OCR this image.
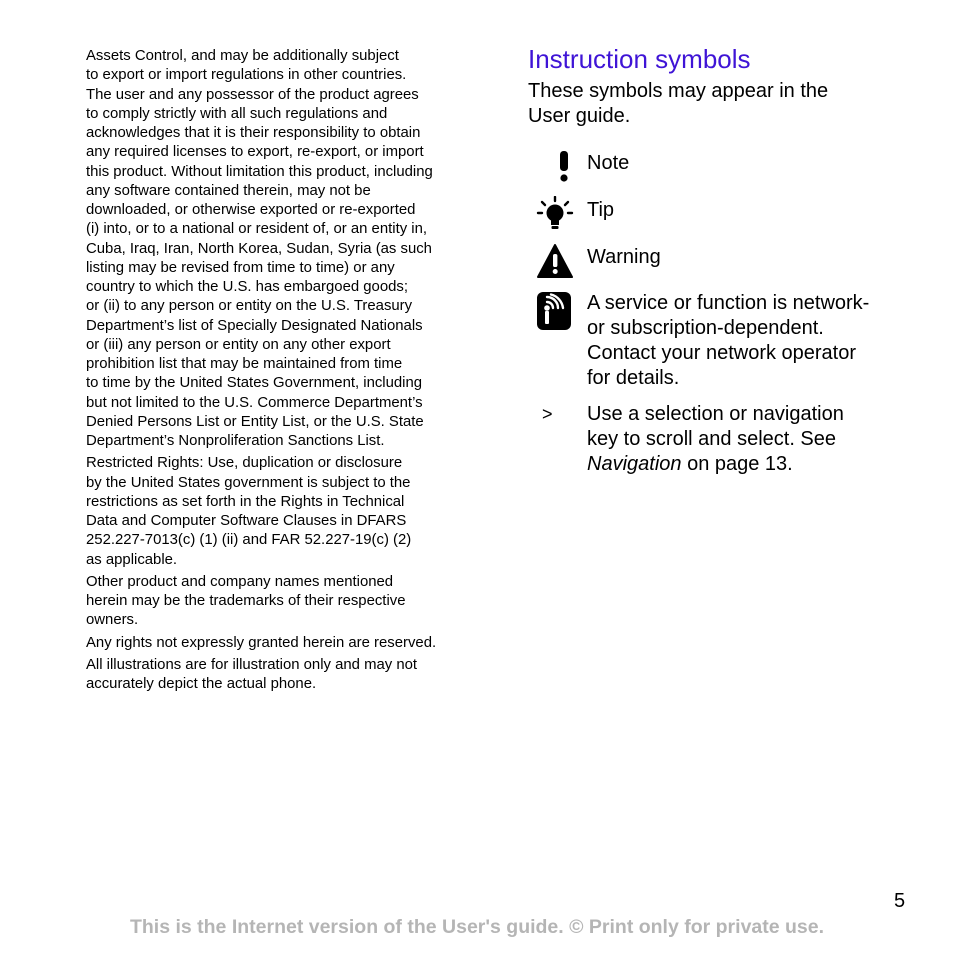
Assets Control, and may be additionally subject
to export or import regulations in other countries.
The user and any possessor of the product agrees
to comply strictly with all such regulations and
acknowledges that it is their responsibility to obtain
any required licenses to export, re-export, or import
this product. Without limitation this product, including
any software contained therein, may not be
downloaded, or otherwise exported or re-exported
(i) into, or to a national or resident of, or an entity in,
Cuba, Iraq, Iran, North Korea, Sudan, Syria (as such
listing may be revised from time to time) or any
country to which the U.S. has embargoed goods;
or (ii) to any person or entity on the U.S. Treasury
Department’s list of Specially Designated Nationals
or (iii) any person or entity on any other export
prohibition list that may be maintained from time
to time by the United States Government, including
but not limited to the U.S. Commerce Department’s
Denied Persons List or Entity List, or the U.S. State
Department’s Nonproliferation Sanctions List.

Restricted Rights: Use, duplication or disclosure
by the United States government is subject to the
restrictions as set forth in the Rights in Technical
Data and Computer Software Clauses in DFARS
252.227-7013(c) (1) (ii) and FAR 52.227-19(c) (2)
as applicable.

Other product and company names mentioned
herein may be the trademarks of their respective
owners.

Any rights not expressly granted herein are reserved.

All illustrations are for illustration only and may not
accurately depict the actual phone.

Instruction symbols

These symbols may appear in the
User guide.

Note
Tip
Warning
A service or function is network-
or subscription-dependent.
Contact your network operator
for details.
> Use a selection or navigation
key to scroll and select. See
Navigation on page 13.
5
This is the Internet version of the User's guide. © Print only for private use.
